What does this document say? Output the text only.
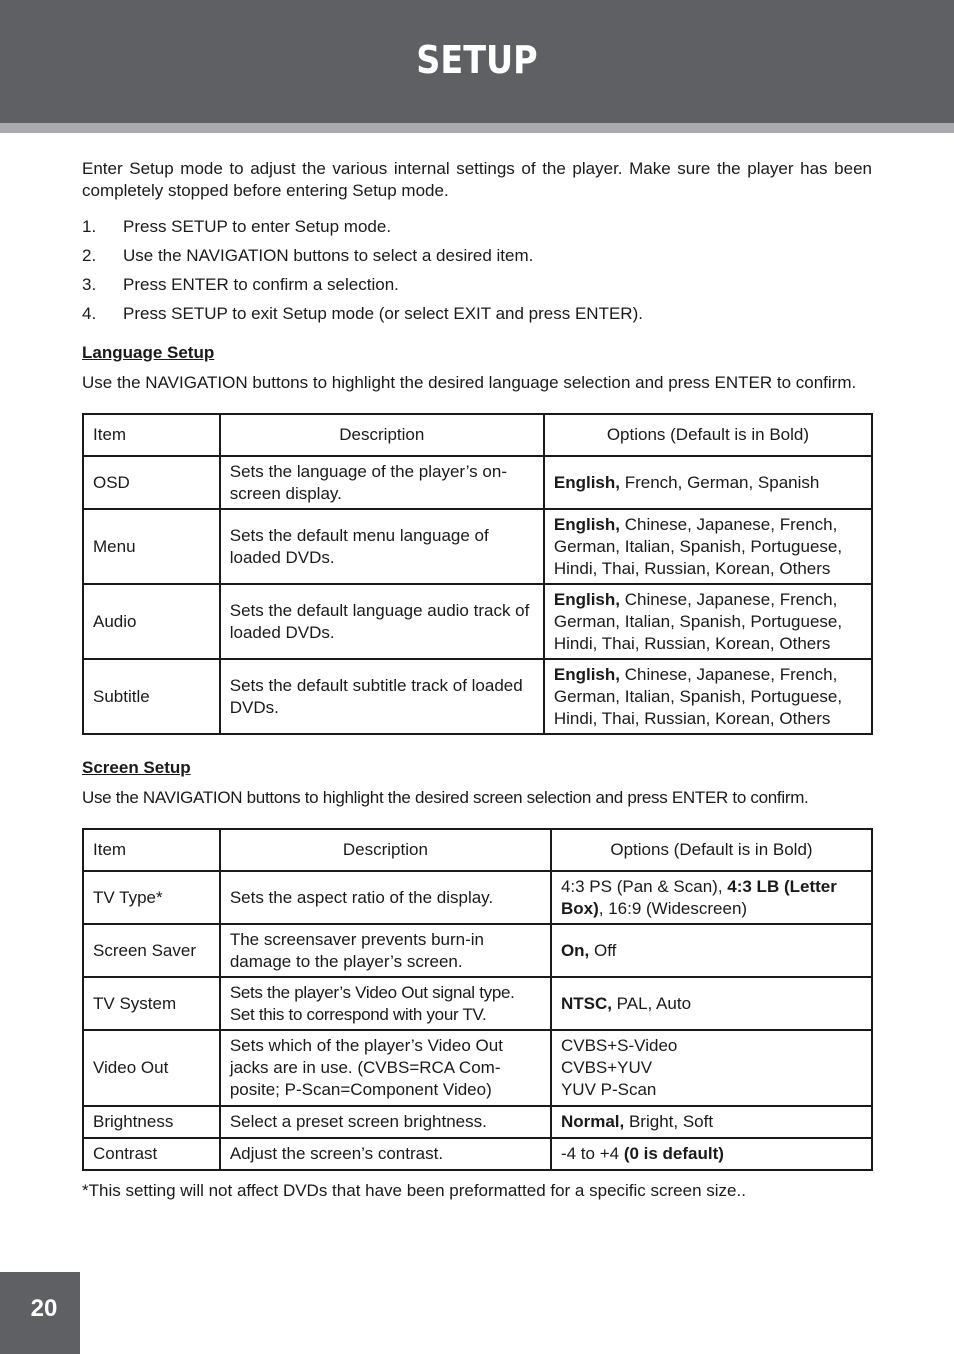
SETUP

Enter Setup mode to adjust the various internal settings of the player. Make sure the player has been completely stopped before entering Setup mode.

1.	Press SETUP to enter Setup mode.
2.	Use the NAVIGATION buttons to select a desired item.
3.	Press ENTER to confirm a selection.
4.	Press SETUP to exit Setup mode (or select EXIT and press ENTER).
Language Setup

Use the NAVIGATION buttons to highlight the desired language selection and press ENTER to confirm.

Item	Description	Options (Default is in Bold)
OSD	Sets the language of the player’s on-screen display.	English, French, German, Spanish
Menu	Sets the default menu language of loaded DVDs.	English, Chinese, Japanese, French, German, Italian, Spanish, Portuguese, Hindi, Thai, Russian, Korean, Others
Audio	Sets the default language audio track of loaded DVDs.	English, Chinese, Japanese, French, German, Italian, Spanish, Portuguese, Hindi, Thai, Russian, Korean, Others
Subtitle	Sets the default subtitle track of loaded DVDs.	English, Chinese, Japanese, French, German, Italian, Spanish, Portuguese, Hindi, Thai, Russian, Korean, Others
Screen Setup

Use the NAVIGATION buttons to highlight the desired screen selection and press ENTER to confirm.

Item	Description	Options (Default is in Bold)
TV Type*	Sets the aspect ratio of the display.	4:3 PS (Pan & Scan), 4:3 LB (Letter Box), 16:9 (Widescreen)
Screen Saver	The screensaver prevents burn-in damage to the player’s screen.	On, Off
TV System	Sets the player’s Video Out signal type. Set this to correspond with your TV.	NTSC, PAL, Auto
Video Out	Sets which of the player’s Video Out jacks are in use. (CVBS=RCA Com-posite; P-Scan=Component Video)	CVBS+S-Video
CVBS+YUV
YUV P-Scan

Brightness	Select a preset screen brightness.	Normal, Bright, Soft
Contrast	Adjust the screen’s contrast.	-4 to +4 (0 is default)
*This setting will not affect DVDs that have been preformatted for a specific screen size..
20
